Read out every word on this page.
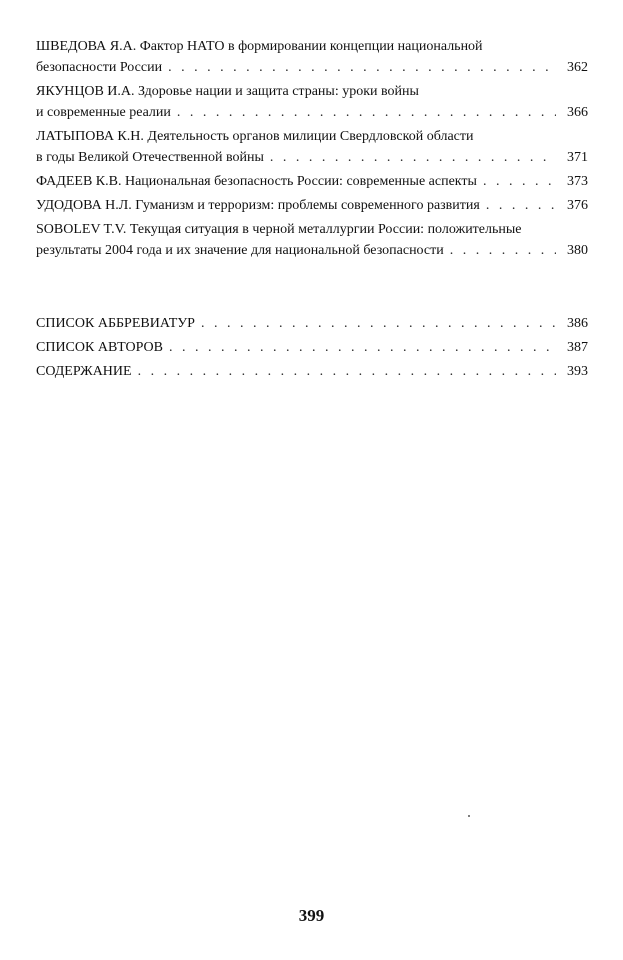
ШВЕДОВА Я.А. Фактор НАТО в формировании концепции национальной
безопасности России . . .	362
ЯКУНЦОВ И.А. Здоровье нации и защита страны: уроки войны
и современные реалии . . .	366
ЛАТЫПОВА К.Н. Деятельность органов милиции Свердловской области
в годы Великой Отечественной войны . . .	371
ФАДЕЕВ К.В. Национальная безопасность России: современные аспекты . . .	373
УДОДОВА Н.Л. Гуманизм и терроризм: проблемы современного развития . . .	376
SOBOLEV T.V. Текущая ситуация в черной металлургии России: положительные
результаты 2004 года и их значение для национальной безопасности . . .	380
СПИСОК АББРЕВИАТУР . . .	386
СПИСОК АВТОРОВ . . .	387
СОДЕРЖАНИЕ . . .	393
399
